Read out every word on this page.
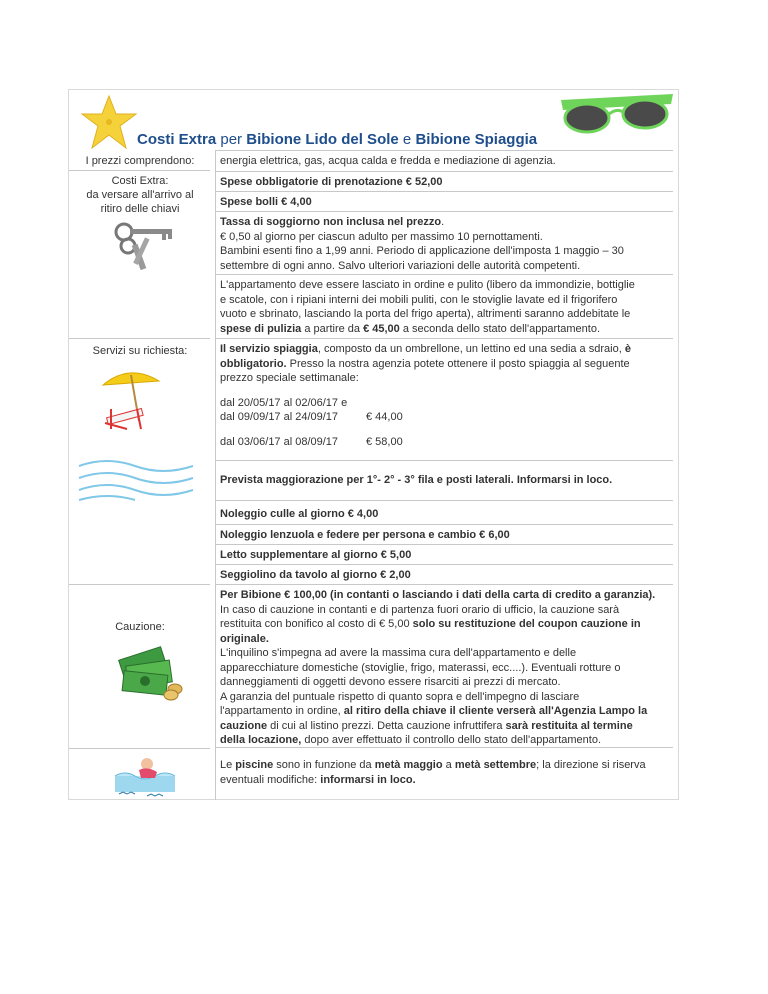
Costi Extra per Bibione Lido del Sole e Bibione Spiaggia
I prezzi comprendono:	energia elettrica, gas, acqua calda e fredda e mediazione di agenzia.
Costi Extra:
da versare all'arrivo al
ritiro delle chiavi
Spese obbligatorie di prenotazione € 52,00
Spese bolli € 4,00
Tassa di soggiorno non inclusa nel prezzo.
€ 0,50 al giorno per ciascun adulto per massimo 10 pernottamenti.
Bambini esenti fino a 1,99 anni. Periodo di applicazione dell'imposta 1 maggio – 30
settembre di ogni anno. Salvo ulteriori variazioni delle autorità competenti.
L'appartamento deve essere lasciato in ordine e pulito (libero da immondizie, bottiglie
e scatole, con i ripiani interni dei mobili puliti, con le stoviglie lavate ed il frigorifero
vuoto e sbrinato, lasciando la porta del frigo aperta), altrimenti saranno addebitate le
spese di pulizia a partire da € 45,00 a seconda dello stato dell'appartamento.
Servizi su richiesta:	Il servizio spiaggia, composto da un ombrellone, un lettino ed una sedia a sdraio, è
obbligatorio. Presso la nostra agenzia potete ottenere il posto spiaggia al seguente
prezzo speciale settimanale:
dal 20/05/17 al 02/06/17 e
dal 09/09/17 al 24/09/17	€ 44,00
dal 03/06/17 al 08/09/17	€ 58,00
Prevista maggiorazione per 1°- 2° - 3° fila e posti laterali. Informarsi in loco.
Noleggio culle al giorno € 4,00
Noleggio lenzuola e federe per persona e cambio € 6,00
Letto supplementare al giorno € 5,00
Seggiolino da tavolo al giorno € 2,00
Cauzione:
Per Bibione € 100,00 (in contanti o lasciando i dati della carta di credito a garanzia).
In caso di cauzione in contanti e di partenza fuori orario di ufficio, la cauzione sarà
restituita con bonifico al costo di € 5,00 solo su restituzione del coupon cauzione in
originale.
L'inquilino s'impegna ad avere la massima cura dell'appartamento e delle
apparecchiature domestiche (stoviglie, frigo, materassi, ecc....). Eventuali rotture o
danneggiamenti di oggetti devono essere risarciti ai prezzi di mercato.
A garanzia del puntuale rispetto di quanto sopra e dell'impegno di lasciare
l'appartamento in ordine, al ritiro della chiave il cliente verserà all'Agenzia Lampo la
cauzione di cui al listino prezzi. Detta cauzione infruttifera sarà restituita al termine
della locazione, dopo aver effettuato il controllo dello stato dell'appartamento.
Le piscine sono in funzione da metà maggio a metà settembre; la direzione si riserva
eventuali modifiche: informarsi in loco.
